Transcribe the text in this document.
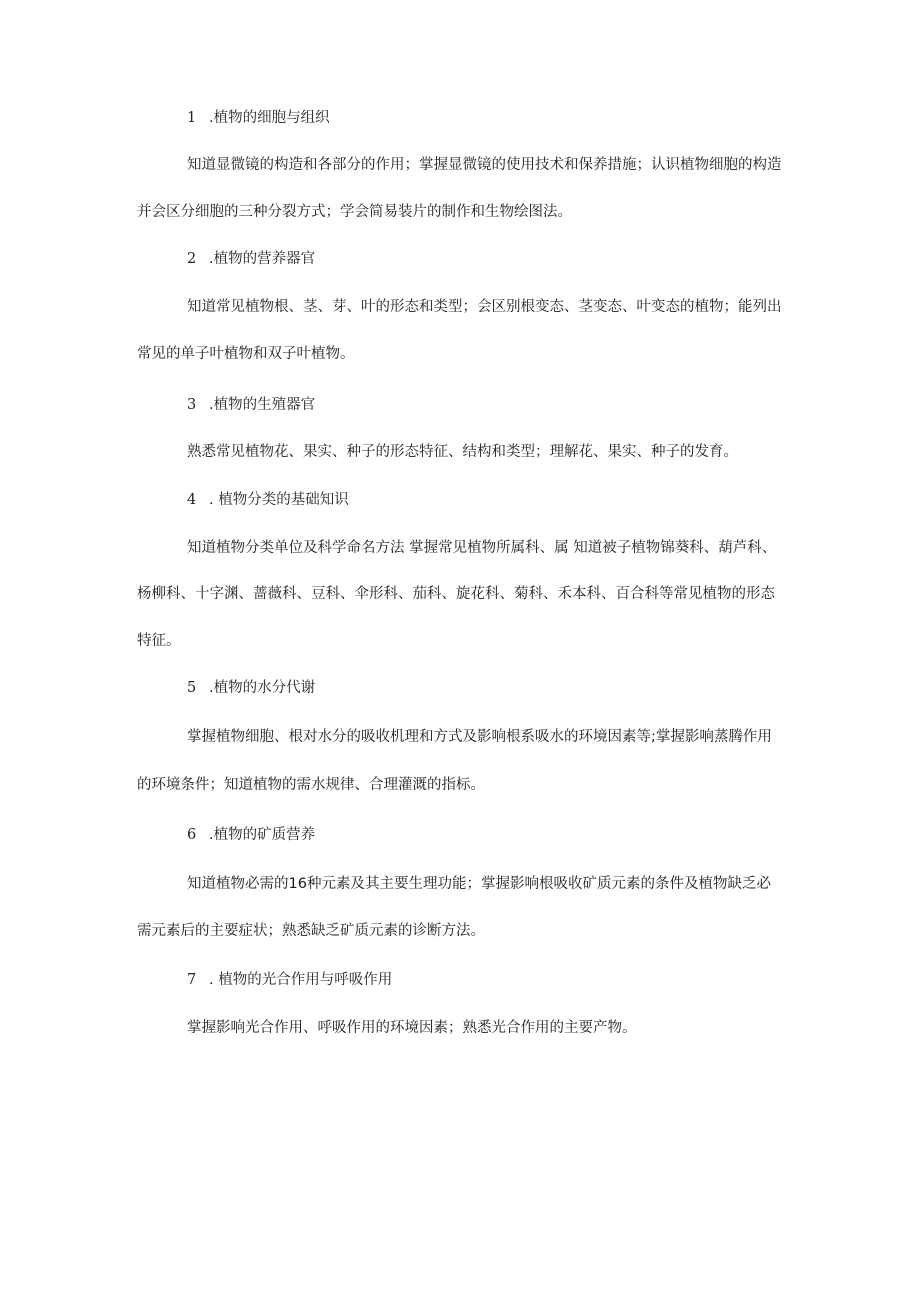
1 .植物的细胞与组织
知道显微镜的构造和各部分的作用；掌握显微镜的使用技术和保养措施；认识植物细胞的构造
并会区分细胞的三种分裂方式；学会简易装片的制作和生物绘图法。
2 .植物的营养器官
知道常见植物根、茎、芽、叶的形态和类型；会区别根变态、茎变态、叶变态的植物；能列出
常见的单子叶植物和双子叶植物。
3 .植物的生殖器官
熟悉常见植物花、果实、种子的形态特征、结构和类型；理解花、果实、种子的发育。
4 . 植物分类的基础知识
知道植物分类单位及科学命名方法 掌握常见植物所属科、属 知道被子植物锦葵科、葫芦科、
杨柳科、十字渊、蔷薇科、豆科、伞形科、茄科、旋花科、菊科、禾本科、百合科等常见植物的形态
特征。
5 .植物的水分代谢
掌握植物细胞、根对水分的吸收机理和方式及影响根系吸水的环境因素等;掌握影响蒸腾作用
的环境条件；知道植物的需水规律、合理灌溉的指标。
6 .植物的矿质营养
知道植物必需的16种元素及其主要生理功能；掌握影响根吸收矿质元素的条件及植物缺乏必
需元素后的主要症状；熟悉缺乏矿质元素的诊断方法。
7 . 植物的光合作用与呼吸作用
掌握影响光合作用、呼吸作用的环境因素；熟悉光合作用的主要产物。
